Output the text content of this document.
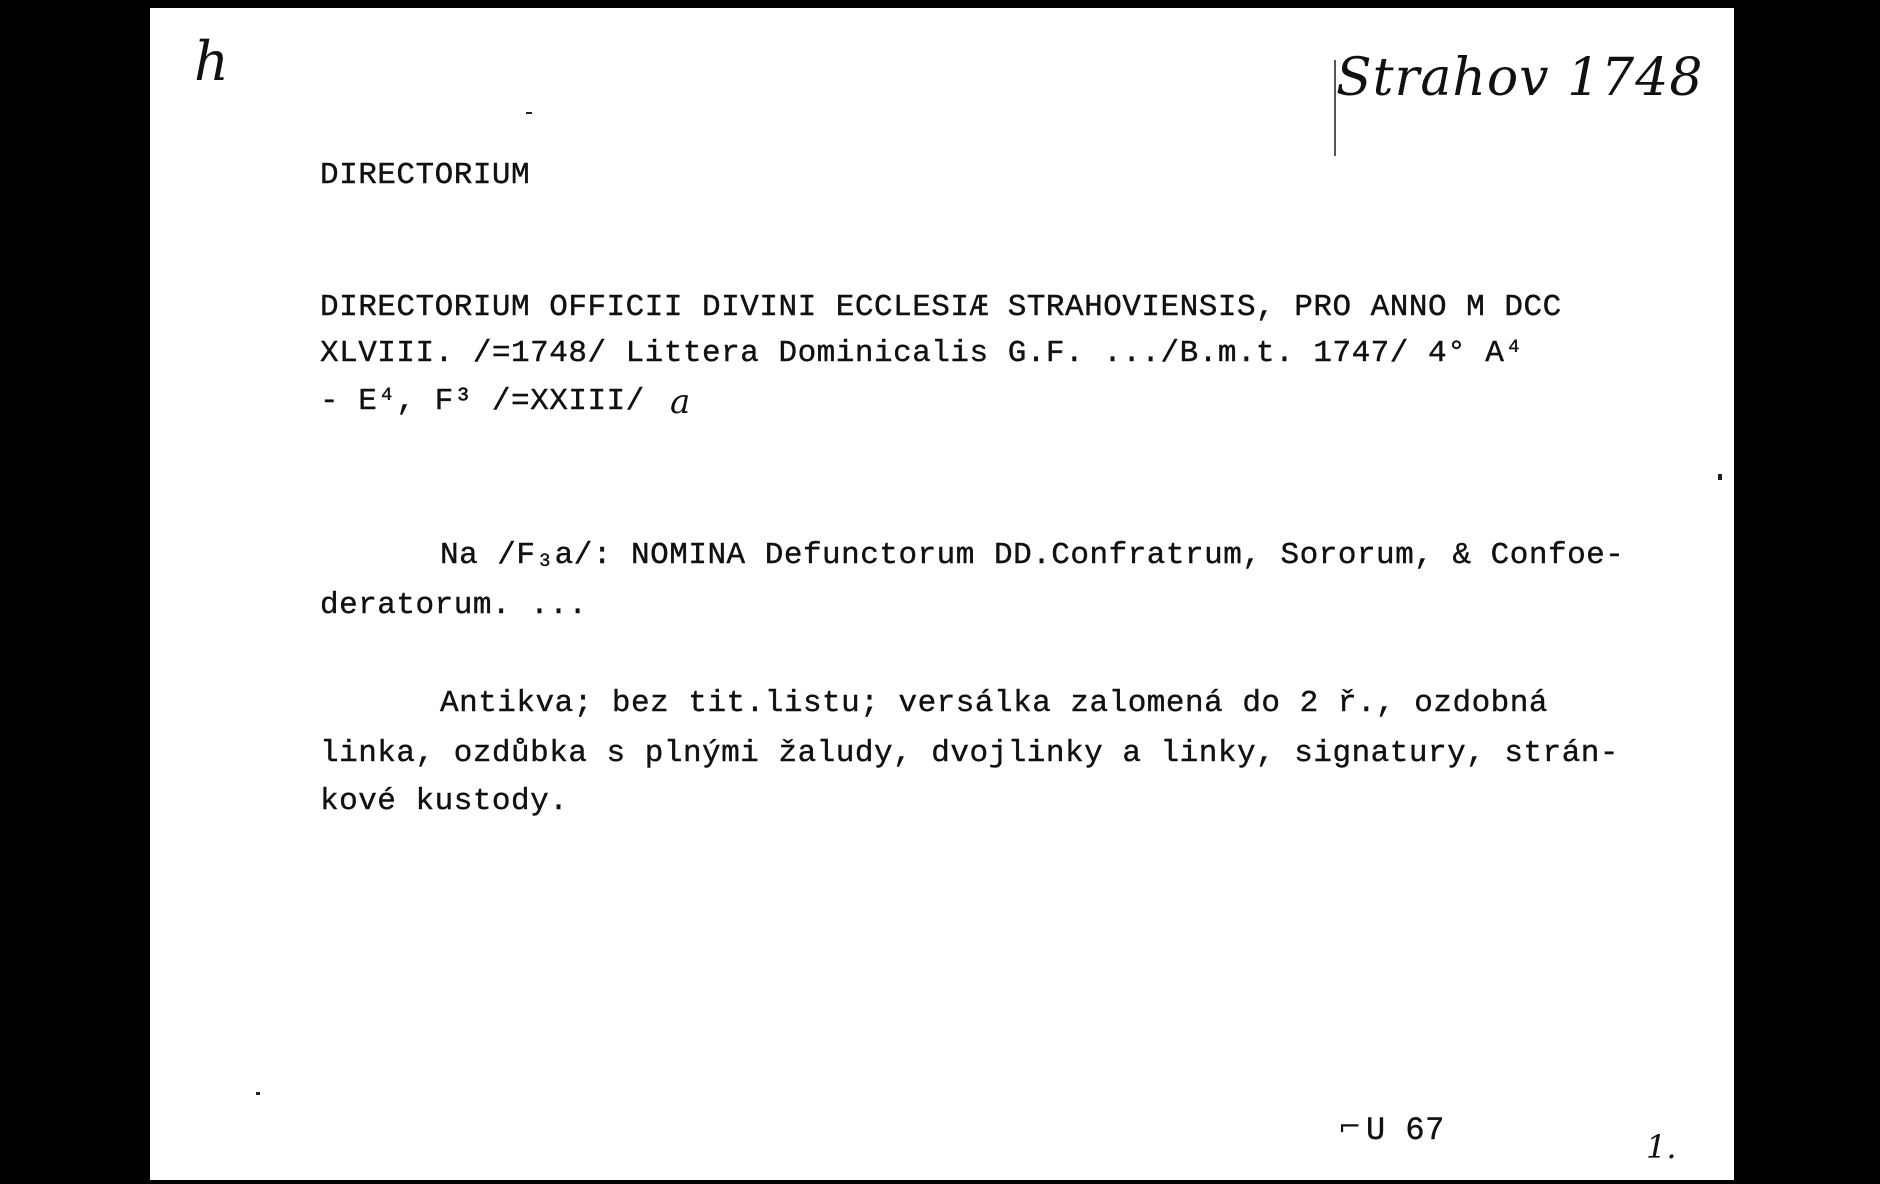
h	Strahov 1748
DIRECTORIUM
DIRECTORIUM OFFICII DIVINI ECCLESIÆ STRAHOVIENSIS, PRO ANNO M DCC
XLVIII. /=1748/ Littera Dominicalis G.F. .../B.m.t. 1747/ 4° A⁴
- E⁴, F³ /=XXIII/ a
Na /F₃a/: NOMINA Defunctorum DD.Confratrum, Sororum, & Confoe-
deratorum. ...
Antikva; bez tit.listu; versálka zalomená do 2 ř., ozdobná
linka, ozdůbka s plnými žaludy, dvojlinky a linky, signatury, strán-
kové kustody.
⌐ U 67	1.
